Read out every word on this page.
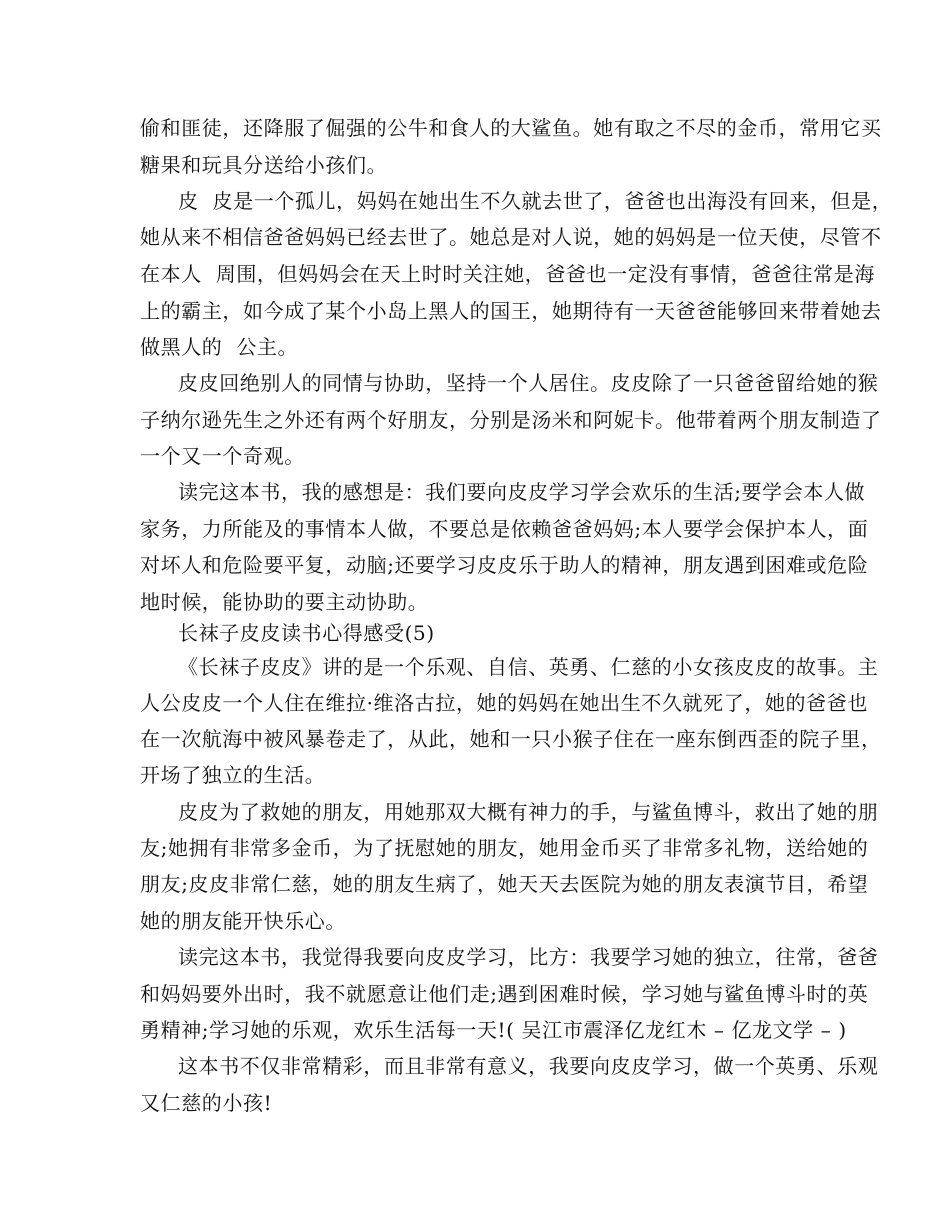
偷和匪徒，还降服了倔强的公牛和食人的大鲨鱼。她有取之不尽的金币，常用它买
糖果和玩具分送给小孩们。
皮  皮是一个孤儿，妈妈在她出生不久就去世了，爸爸也出海没有回来，但是，
她从来不相信爸爸妈妈已经去世了。她总是对人说，她的妈妈是一位天使，尽管不
在本人  周围，但妈妈会在天上时时关注她，爸爸也一定没有事情，爸爸往常是海
上的霸主，如今成了某个小岛上黑人的国王，她期待有一天爸爸能够回来带着她去
做黑人的  公主。
皮皮回绝别人的同情与协助，坚持一个人居住。皮皮除了一只爸爸留给她的猴
子纳尔逊先生之外还有两个好朋友，分别是汤米和阿妮卡。他带着两个朋友制造了
一个又一个奇观。
读完这本书，我的感想是：我们要向皮皮学习学会欢乐的生活;要学会本人做
家务，力所能及的事情本人做，不要总是依赖爸爸妈妈;本人要学会保护本人，面
对坏人和危险要平复，动脑;还要学习皮皮乐于助人的精神，朋友遇到困难或危险
地时候，能协助的要主动协助。
长袜子皮皮读书心得感受(5)
《长袜子皮皮》讲的是一个乐观、自信、英勇、仁慈的小女孩皮皮的故事。主
人公皮皮一个人住在维拉·维洛古拉，她的妈妈在她出生不久就死了，她的爸爸也
在一次航海中被风暴卷走了，从此，她和一只小猴子住在一座东倒西歪的院子里，
开场了独立的生活。
皮皮为了救她的朋友，用她那双大概有神力的手，与鲨鱼博斗，救出了她的朋
友;她拥有非常多金币，为了抚慰她的朋友，她用金币买了非常多礼物，送给她的
朋友;皮皮非常仁慈，她的朋友生病了，她天天去医院为她的朋友表演节目，希望
她的朋友能开快乐心。
读完这本书，我觉得我要向皮皮学习，比方：我要学习她的独立，往常，爸爸
和妈妈要外出时，我不就愿意让他们走;遇到困难时候，学习她与鲨鱼博斗时的英
勇精神;学习她的乐观，欢乐生活每一天!( 吴江市震泽亿龙红木 – 亿龙文学 – )
这本书不仅非常精彩，而且非常有意义，我要向皮皮学习，做一个英勇、乐观
又仁慈的小孩!
